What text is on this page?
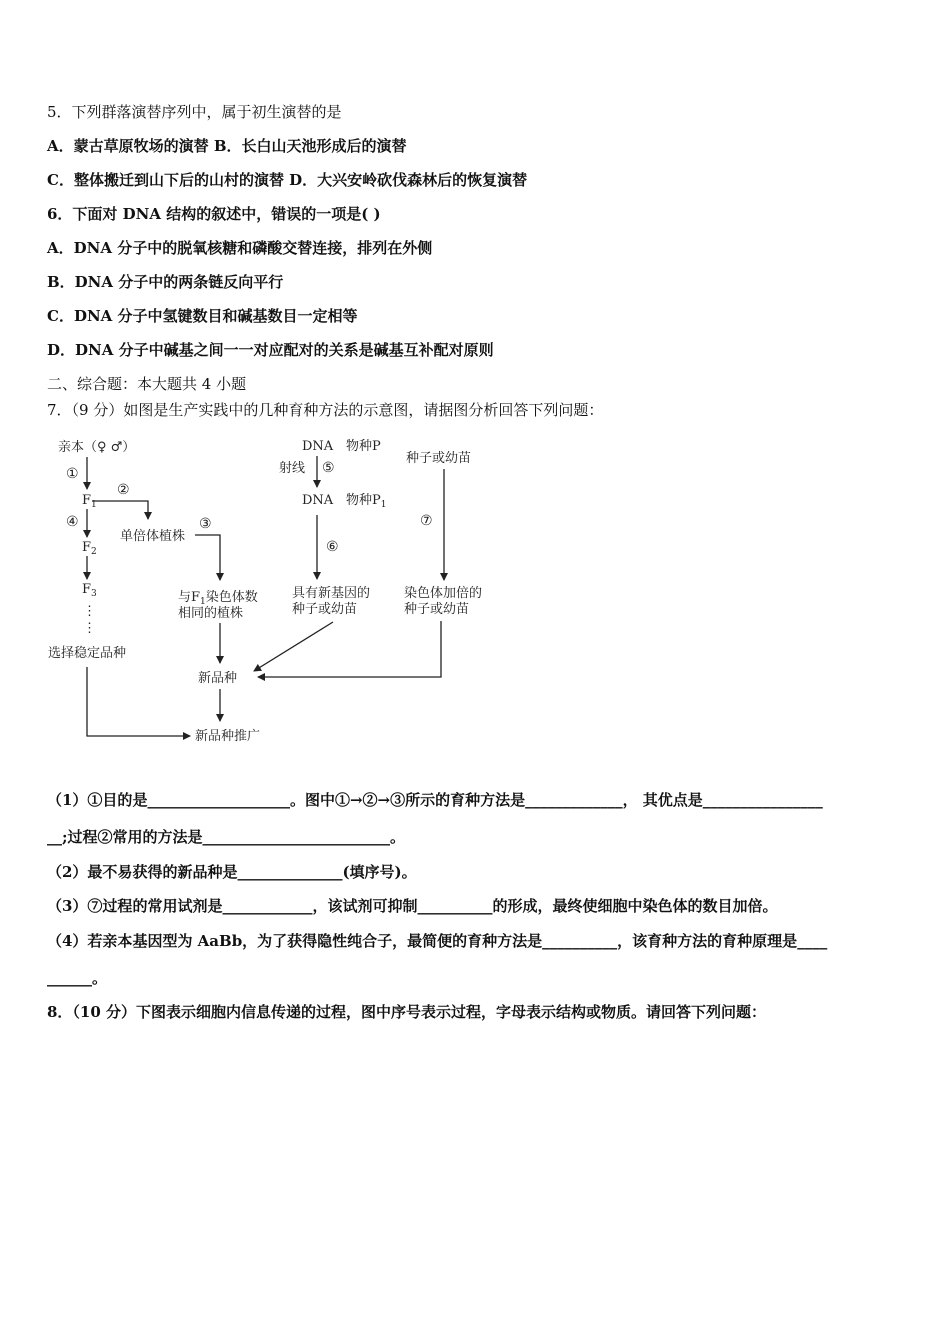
5．下列群落演替序列中，属于初生演替的是
A．蒙古草原牧场的演替 B．长白山天池形成后的演替
C．整体搬迁到山下后的山村的演替 D．大兴安岭砍伐森林后的恢复演替
6．下面对 DNA 结构的叙述中，错误的一项是( )
A．DNA 分子中的脱氧核糖和磷酸交替连接，排列在外侧
B．DNA 分子中的两条链反向平行
C．DNA 分子中氢键数目和碱基数目一定相等
D．DNA 分子中碱基之间一一对应配对的关系是碱基互补配对原则
二、综合题：本大题共 4 小题
7．（9 分）如图是生产实践中的几种育种方法的示意图，请据图分析回答下列问题：
亲本（♀ ♂）
①
$F_1$
④
$F_2$
$F_3$
⋮
⋮
选择稳定品种
②
单倍体植株
③
与$F_1$染色体数
相同的植株
新品种
新品种推广
DNA 物种P
射线 ⑤
DNA 物种$P_1$
⑥
具有新基因的
种子或幼苗
种子或幼苗
⑦
染色体加倍的
种子或幼苗
（1）①目的是___________________。图中①→②→③所示的育种方法是_____________， 其优点是________________
__;过程②常用的方法是_________________________。
（2）最不易获得的新品种是______________(填序号)。
（3）⑦过程的常用试剂是____________，该试剂可抑制__________的形成，最终使细胞中染色体的数目加倍。
（4）若亲本基因型为 AaBb，为了获得隐性纯合子，最简便的育种方法是__________，该育种方法的育种原理是____
______。
8．（10 分）下图表示细胞内信息传递的过程，图中序号表示过程，字母表示结构或物质。请回答下列问题：
